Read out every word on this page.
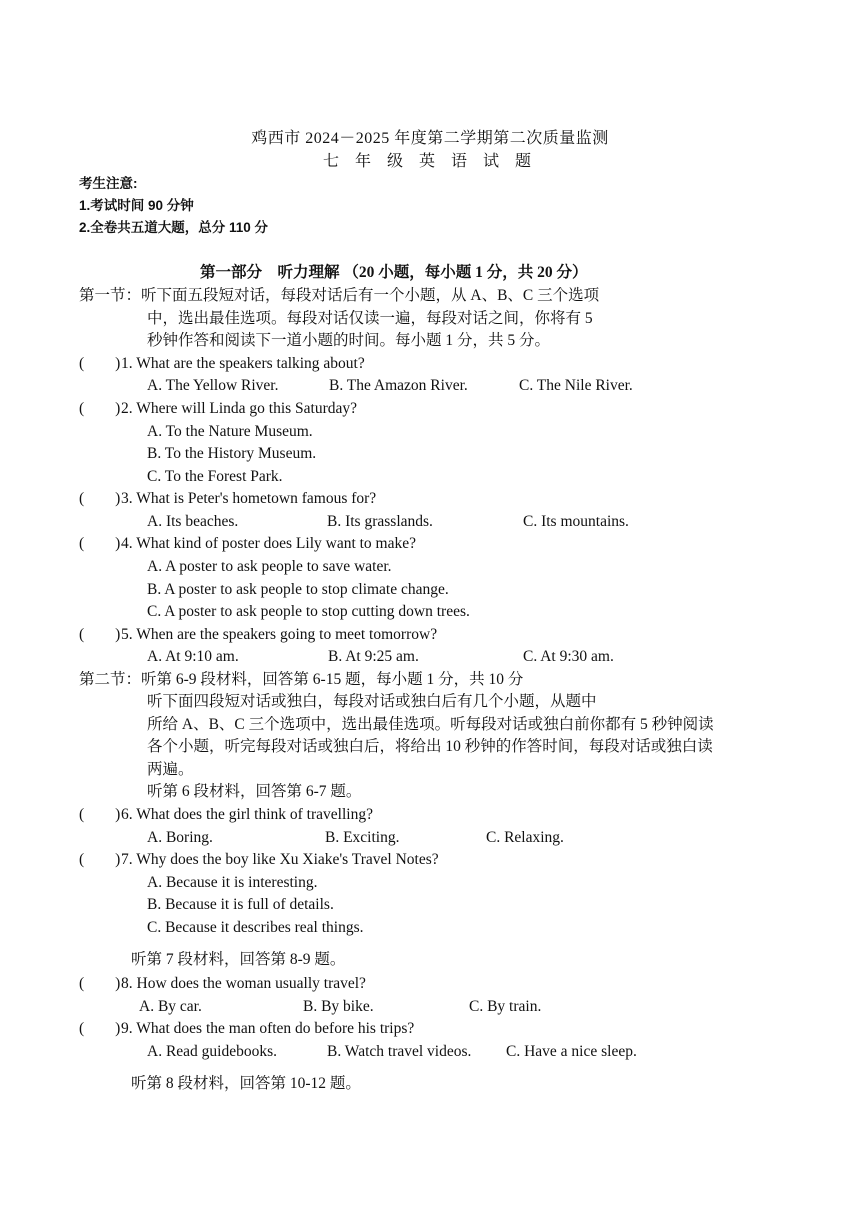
鸡西市 2024－2025 年度第二学期第二次质量监测
七 年 级 英 语 试 题
考生注意:
1.考试时间 90 分钟
2.全卷共五道大题，总分 110 分
第一部分　听力理解 （20 小题，每小题 1 分，共 20 分）
第一节：听下面五段短对话，每段对话后有一个小题，从 A、B、C 三个选项
中，选出最佳选项。每段对话仅读一遍，每段对话之间，你将有 5
秒钟作答和阅读下一道小题的时间。每小题 1 分，共 5 分。
(　　) 1. What are the speakers talking about?
A. The Yellow River.	B. The Amazon River.	C. The Nile River.
(　　) 2. Where will Linda go this Saturday?
A. To the Nature Museum.
B. To the History Museum.
C. To the Forest Park.
(　　) 3. What is Peter's hometown famous for?
A. Its beaches.	B. Its grasslands.	C. Its mountains.
(　　) 4. What kind of poster does Lily want to make?
A. A poster to ask people to save water.
B. A poster to ask people to stop climate change.
C. A poster to ask people to stop cutting down trees.
(　　) 5. When are the speakers going to meet tomorrow?
A. At 9:10 am.	B. At 9:25 am.	C. At 9:30 am.
第二节：听第 6-9 段材料，回答第 6-15 题，每小题 1 分，共 10 分
听下面四段短对话或独白，每段对话或独白后有几个小题，从题中
所给 A、B、C 三个选项中，选出最佳选项。听每段对话或独白前你都有 5 秒钟阅读
各个小题，听完每段对话或独白后，将给出 10 秒钟的作答时间，每段对话或独白读
两遍。
听第 6 段材料，回答第 6-7 题。
(　　) 6. What does the girl think of travelling?
A. Boring.	B. Exciting.	C. Relaxing.
(　　) 7. Why does the boy like Xu Xiake's Travel Notes?
A. Because it is interesting.
B. Because it is full of details.
C. Because it describes real things.
听第 7 段材料，回答第 8-9 题。
(　　) 8. How does the woman usually travel?
A. By car.	B. By bike.	C. By train.
(　　) 9. What does the man often do before his trips?
A. Read guidebooks.	B. Watch travel videos. C. Have a nice sleep.
听第 8 段材料，回答第 10-12 题。
